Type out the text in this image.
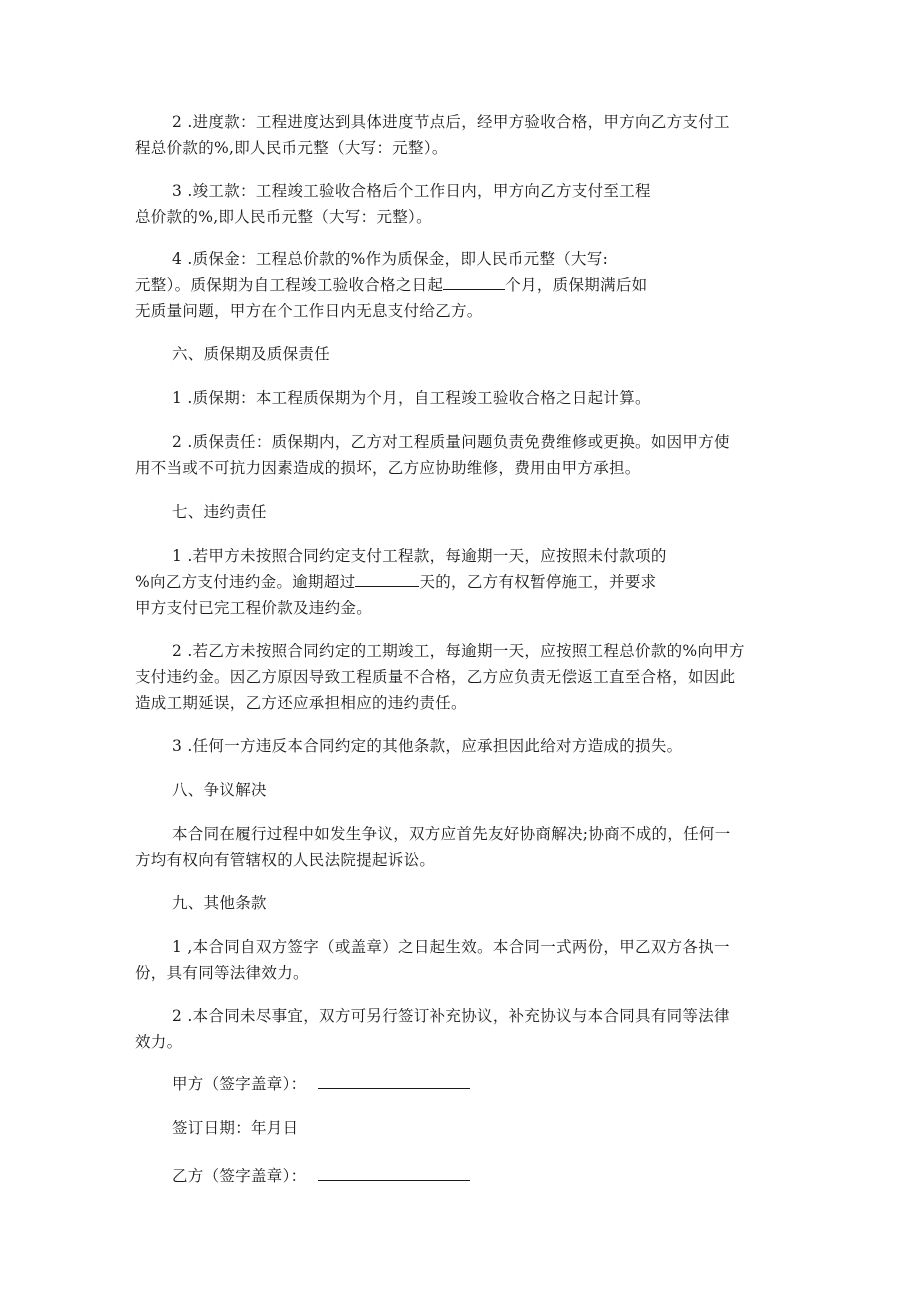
2 .进度款：工程进度达到具体进度节点后，经甲方验收合格，甲方向乙方支付工
程总价款的%,即人民币元整（大写：元整）。
3 .竣工款：工程竣工验收合格后个工作日内，甲方向乙方支付至工程
总价款的%,即人民币元整（大写：元整）。
4 .质保金：工程总价款的%作为质保金，即人民币元整（大写:
元整）。质保期为自工程竣工验收合格之日起	个月，质保期满后如
无质量问题，甲方在个工作日内无息支付给乙方。
六、质保期及质保责任
1 .质保期：本工程质保期为个月，自工程竣工验收合格之日起计算。
2 .质保责任：质保期内，乙方对工程质量问题负责免费维修或更换。如因甲方使
用不当或不可抗力因素造成的损坏，乙方应协助维修，费用由甲方承担。
七、违约责任
1 .若甲方未按照合同约定支付工程款，每逾期一天，应按照未付款项的
%向乙方支付违约金。逾期超过	天的，乙方有权暂停施工，并要求
甲方支付已完工程价款及违约金。
2 .若乙方未按照合同约定的工期竣工，每逾期一天，应按照工程总价款的%向甲方
支付违约金。因乙方原因导致工程质量不合格，乙方应负责无偿返工直至合格，如因此
造成工期延误，乙方还应承担相应的违约责任。
3 .任何一方违反本合同约定的其他条款，应承担因此给对方造成的损失。
八、争议解决
本合同在履行过程中如发生争议，双方应首先友好协商解决;协商不成的，任何一
方均有权向有管辖权的人民法院提起诉讼。
九、其他条款
1 ,本合同自双方签字（或盖章）之日起生效。本合同一式两份，甲乙双方各执一
份，具有同等法律效力。
2 .本合同未尽事宜，双方可另行签订补充协议，补充协议与本合同具有同等法律
效力。
甲方（签字盖章）：
签订日期：年月日
乙方（签字盖章）：
